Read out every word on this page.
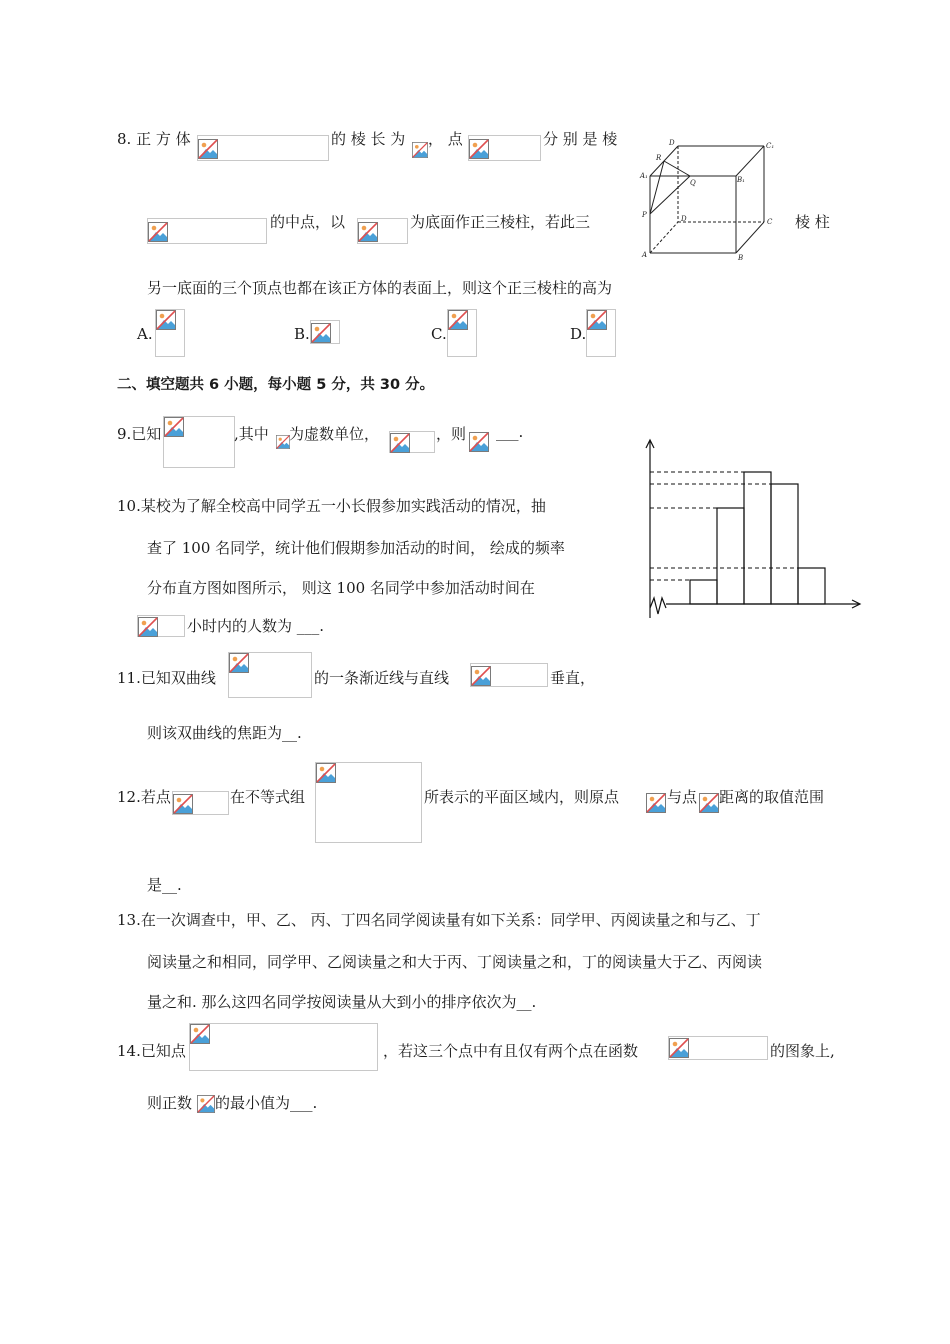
8. 正 方 体	的 棱 长 为 ， 点	分 别 是 棱
的中点，以	为底面作正三棱柱，若此三	棱 柱
另一底面的三个顶点也都在该正方体的表面上，则这个正三棱柱的高为
A.	B.	C.	D.
D	C₁
R
A₁
Q	B₁
P	D	C
A	B
二、填空题共 6 小题，每小题 5 分，共 30 分。
9.已知	,其中 为虚数单位，	，则 ___.
10.某校为了解全校高中同学五一小长假参加实践活动的情况，抽
查了 100 名同学，统计他们假期参加活动的时间， 绘成的频率
分布直方图如图所示， 则这 100 名同学中参加活动时间在
小时内的人数为 ___.
11.已知双曲线	的一条渐近线与直线	垂直，
则该双曲线的焦距为__.
12.若点	在不等式组	所表示的平面区域内，则原点	与点 距离的取值范围
是__.
13.在一次调查中，甲、乙、 丙、丁四名同学阅读量有如下关系：同学甲、丙阅读量之和与乙、丁
阅读量之和相同，同学甲、乙阅读量之和大于丙、丁阅读量之和，丁的阅读量大于乙、丙阅读
量之和. 那么这四名同学按阅读量从大到小的排序依次为__.
14.已知点	，若这三个点中有且仅有两个点在函数	的图象上,
则正数 的最小值为___.
